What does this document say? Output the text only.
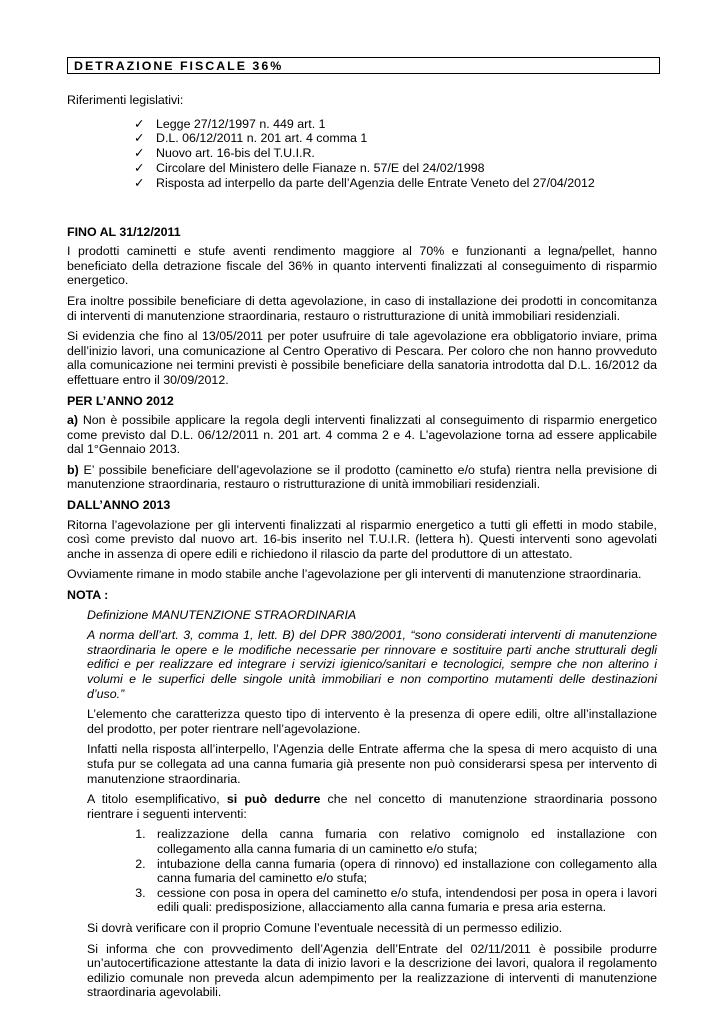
DETRAZIONE FISCALE 36%

Riferimenti legislativi:

✓ Legge 27/12/1997 n. 449 art. 1
✓ D.L. 06/12/2011 n. 201 art. 4 comma 1
✓ Nuovo art. 16-bis del T.U.I.R.
✓ Circolare del Ministero delle Fianaze n. 57/E del 24/02/1998
✓ Risposta ad interpello da parte dell’Agenzia delle Entrate Veneto del 27/04/2012

FINO AL 31/12/2011

I prodotti caminetti e stufe aventi rendimento maggiore al 70% e funzionanti a legna/pellet, hanno beneficiato della detrazione fiscale del 36% in quanto interventi finalizzati al conseguimento di risparmio energetico.

Era inoltre possibile beneficiare di detta agevolazione, in caso di installazione dei prodotti in concomitanza di interventi di manutenzione straordinaria, restauro o ristrutturazione di unità immobiliari residenziali.

Si evidenzia che fino al 13/05/2011 per poter usufruire di tale agevolazione era obbligatorio inviare, prima dell’inizio lavori, una comunicazione al Centro Operativo di Pescara. Per coloro che non hanno provveduto alla comunicazione nei termini previsti è possibile beneficiare della sanatoria introdotta dal D.L. 16/2012 da effettuare entro il 30/09/2012.

PER L’ANNO 2012

a) Non è possibile applicare la regola degli interventi finalizzati al conseguimento di risparmio energetico come previsto dal D.L. 06/12/2011 n. 201 art. 4 comma 2 e 4. L’agevolazione torna ad essere applicabile dal 1°Gennaio 2013.

b) E’ possibile beneficiare dell’agevolazione se il prodotto (caminetto e/o stufa) rientra nella previsione di manutenzione straordinaria, restauro o ristrutturazione di unità immobiliari residenziali.

DALL’ANNO 2013

Ritorna l’agevolazione per gli interventi finalizzati al risparmio energetico a tutti gli effetti in modo stabile, così come previsto dal nuovo art. 16-bis inserito nel T.U.I.R. (lettera h). Questi interventi sono agevolati anche in assenza di opere edili e richiedono il rilascio da parte del produttore di un attestato.

Ovviamente rimane in modo stabile anche l’agevolazione per gli interventi di manutenzione straordinaria.

NOTA :

Definizione MANUTENZIONE STRAORDINARIA

A norma dell’art. 3, comma 1, lett. B) del DPR 380/2001, “sono considerati interventi di manutenzione straordinaria le opere e le modifiche necessarie per rinnovare e sostituire parti anche strutturali degli edifici e per realizzare ed integrare i servizi igienico/sanitari e tecnologici, sempre che non alterino i volumi e le superfici delle singole unità immobiliari e non comportino mutamenti delle destinazioni d’uso.”

L’elemento che caratterizza questo tipo di intervento è la presenza di opere edili, oltre all’installazione del prodotto, per poter rientrare nell’agevolazione.

Infatti nella risposta all’interpello, l’Agenzia delle Entrate afferma che la spesa di mero acquisto di una stufa pur se collegata ad una canna fumaria già presente non può considerarsi spesa per intervento di manutenzione straordinaria.

A titolo esemplificativo, si può dedurre che nel concetto di manutenzione straordinaria possono rientrare i seguenti interventi:

1. realizzazione della canna fumaria con relativo comignolo ed installazione con collegamento alla canna fumaria di un caminetto e/o stufa;
2. intubazione della canna fumaria (opera di rinnovo) ed installazione con collegamento alla canna fumaria del caminetto e/o stufa;
3. cessione con posa in opera del caminetto e/o stufa, intendendosi per posa in opera i lavori edili quali: predisposizione, allacciamento alla canna fumaria e presa aria esterna.

Si dovrà verificare con il proprio Comune l’eventuale necessità di un permesso edilizio.

Si informa che con provvedimento dell’Agenzia dell’Entrate del 02/11/2011 è possibile produrre un’autocertificazione attestante la data di inizio lavori e la descrizione dei lavori, qualora il regolamento edilizio comunale non preveda alcun adempimento per la realizzazione di interventi di manutenzione straordinaria agevolabili.
